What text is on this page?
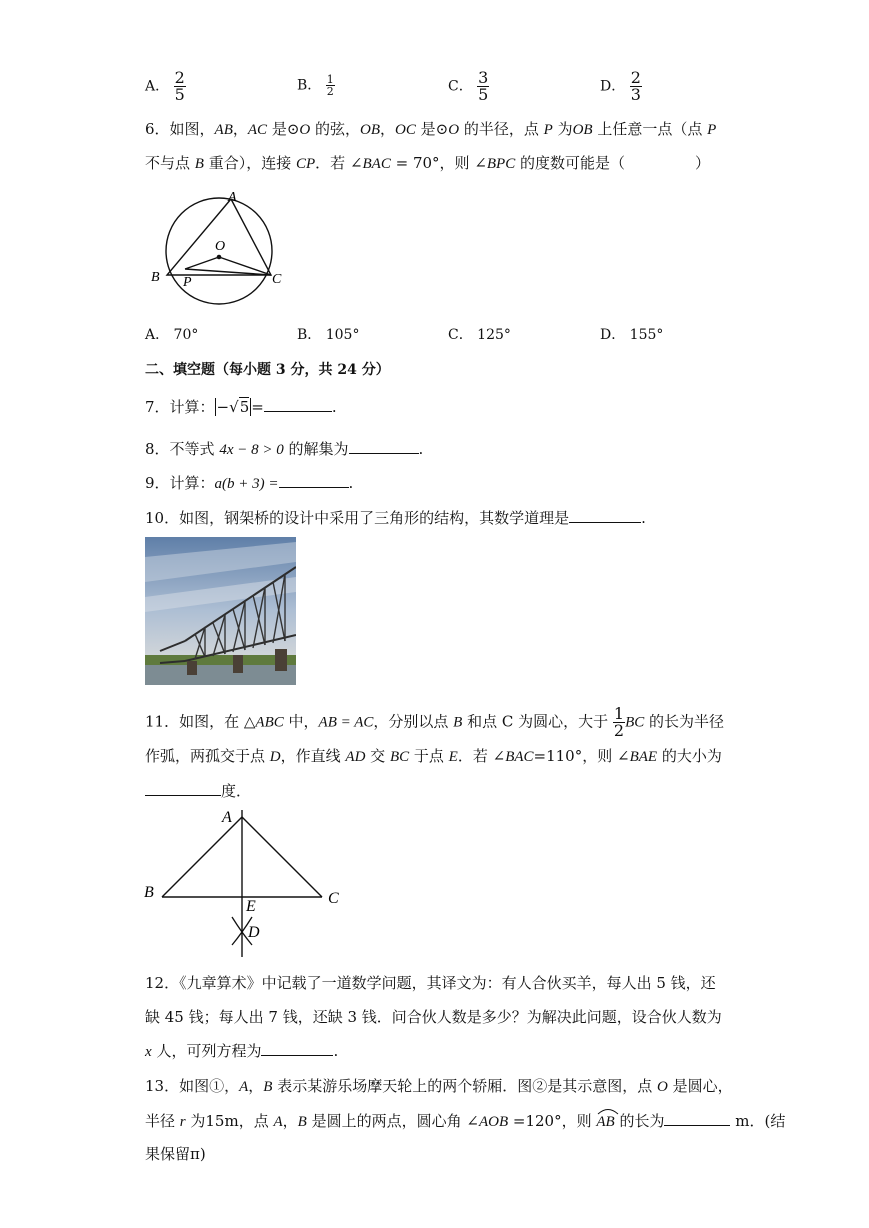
A． $\frac{2}{5}$	B． $\frac{1}{2}$	C． $\frac{3}{5}$	D． $\frac{2}{3}$
6．如图，AB，AC 是⊙O 的弦，OB，OC 是⊙O 的半径，点 P 为OB 上任意一点（点 P
不与点 B 重合），连接 CP．若 ∠BAC = 70°，则 ∠BPC 的度数可能是（	）
A
O
B P	C
A． 70°	B． 105°	C． 125°	D． 155°
二、填空题（每小题 3 分，共 24 分）
7．计算： −√5 =	.
8．不等式 4x − 8 > 0 的解集为	.
9．计算：a(b + 3) =	.
10．如图，钢架桥的设计中采用了三角形的结构，其数学道理是	.
11．如图，在 △ABC 中，AB = AC，分别以点 B 和点 C 为圆心，大于 $\frac{1}{2}$ BC 的长为半径
作弧，两孤交于点 D，作直线 AD 交 BC 于点 E．若 ∠BAC=110°，则 ∠BAE 的大小为
度．
A
B	C
E
D
12．《九章算术》中记载了一道数学问题，其译文为：有人合伙买羊，每人出 5 钱，还
缺 45 钱；每人出 7 钱，还缺 3 钱．问合伙人数是多少？为解决此问题，设合伙人数为
x 人，可列方程为	.
13．如图①，A，B 表示某游乐场摩天轮上的两个轿厢．图②是其示意图，点 O 是圆心，
半径 r 为15m，点 A，B 是圆上的两点，圆心角 ∠AOB =120°，则
AB 的长为	m．(结
果保留π)
